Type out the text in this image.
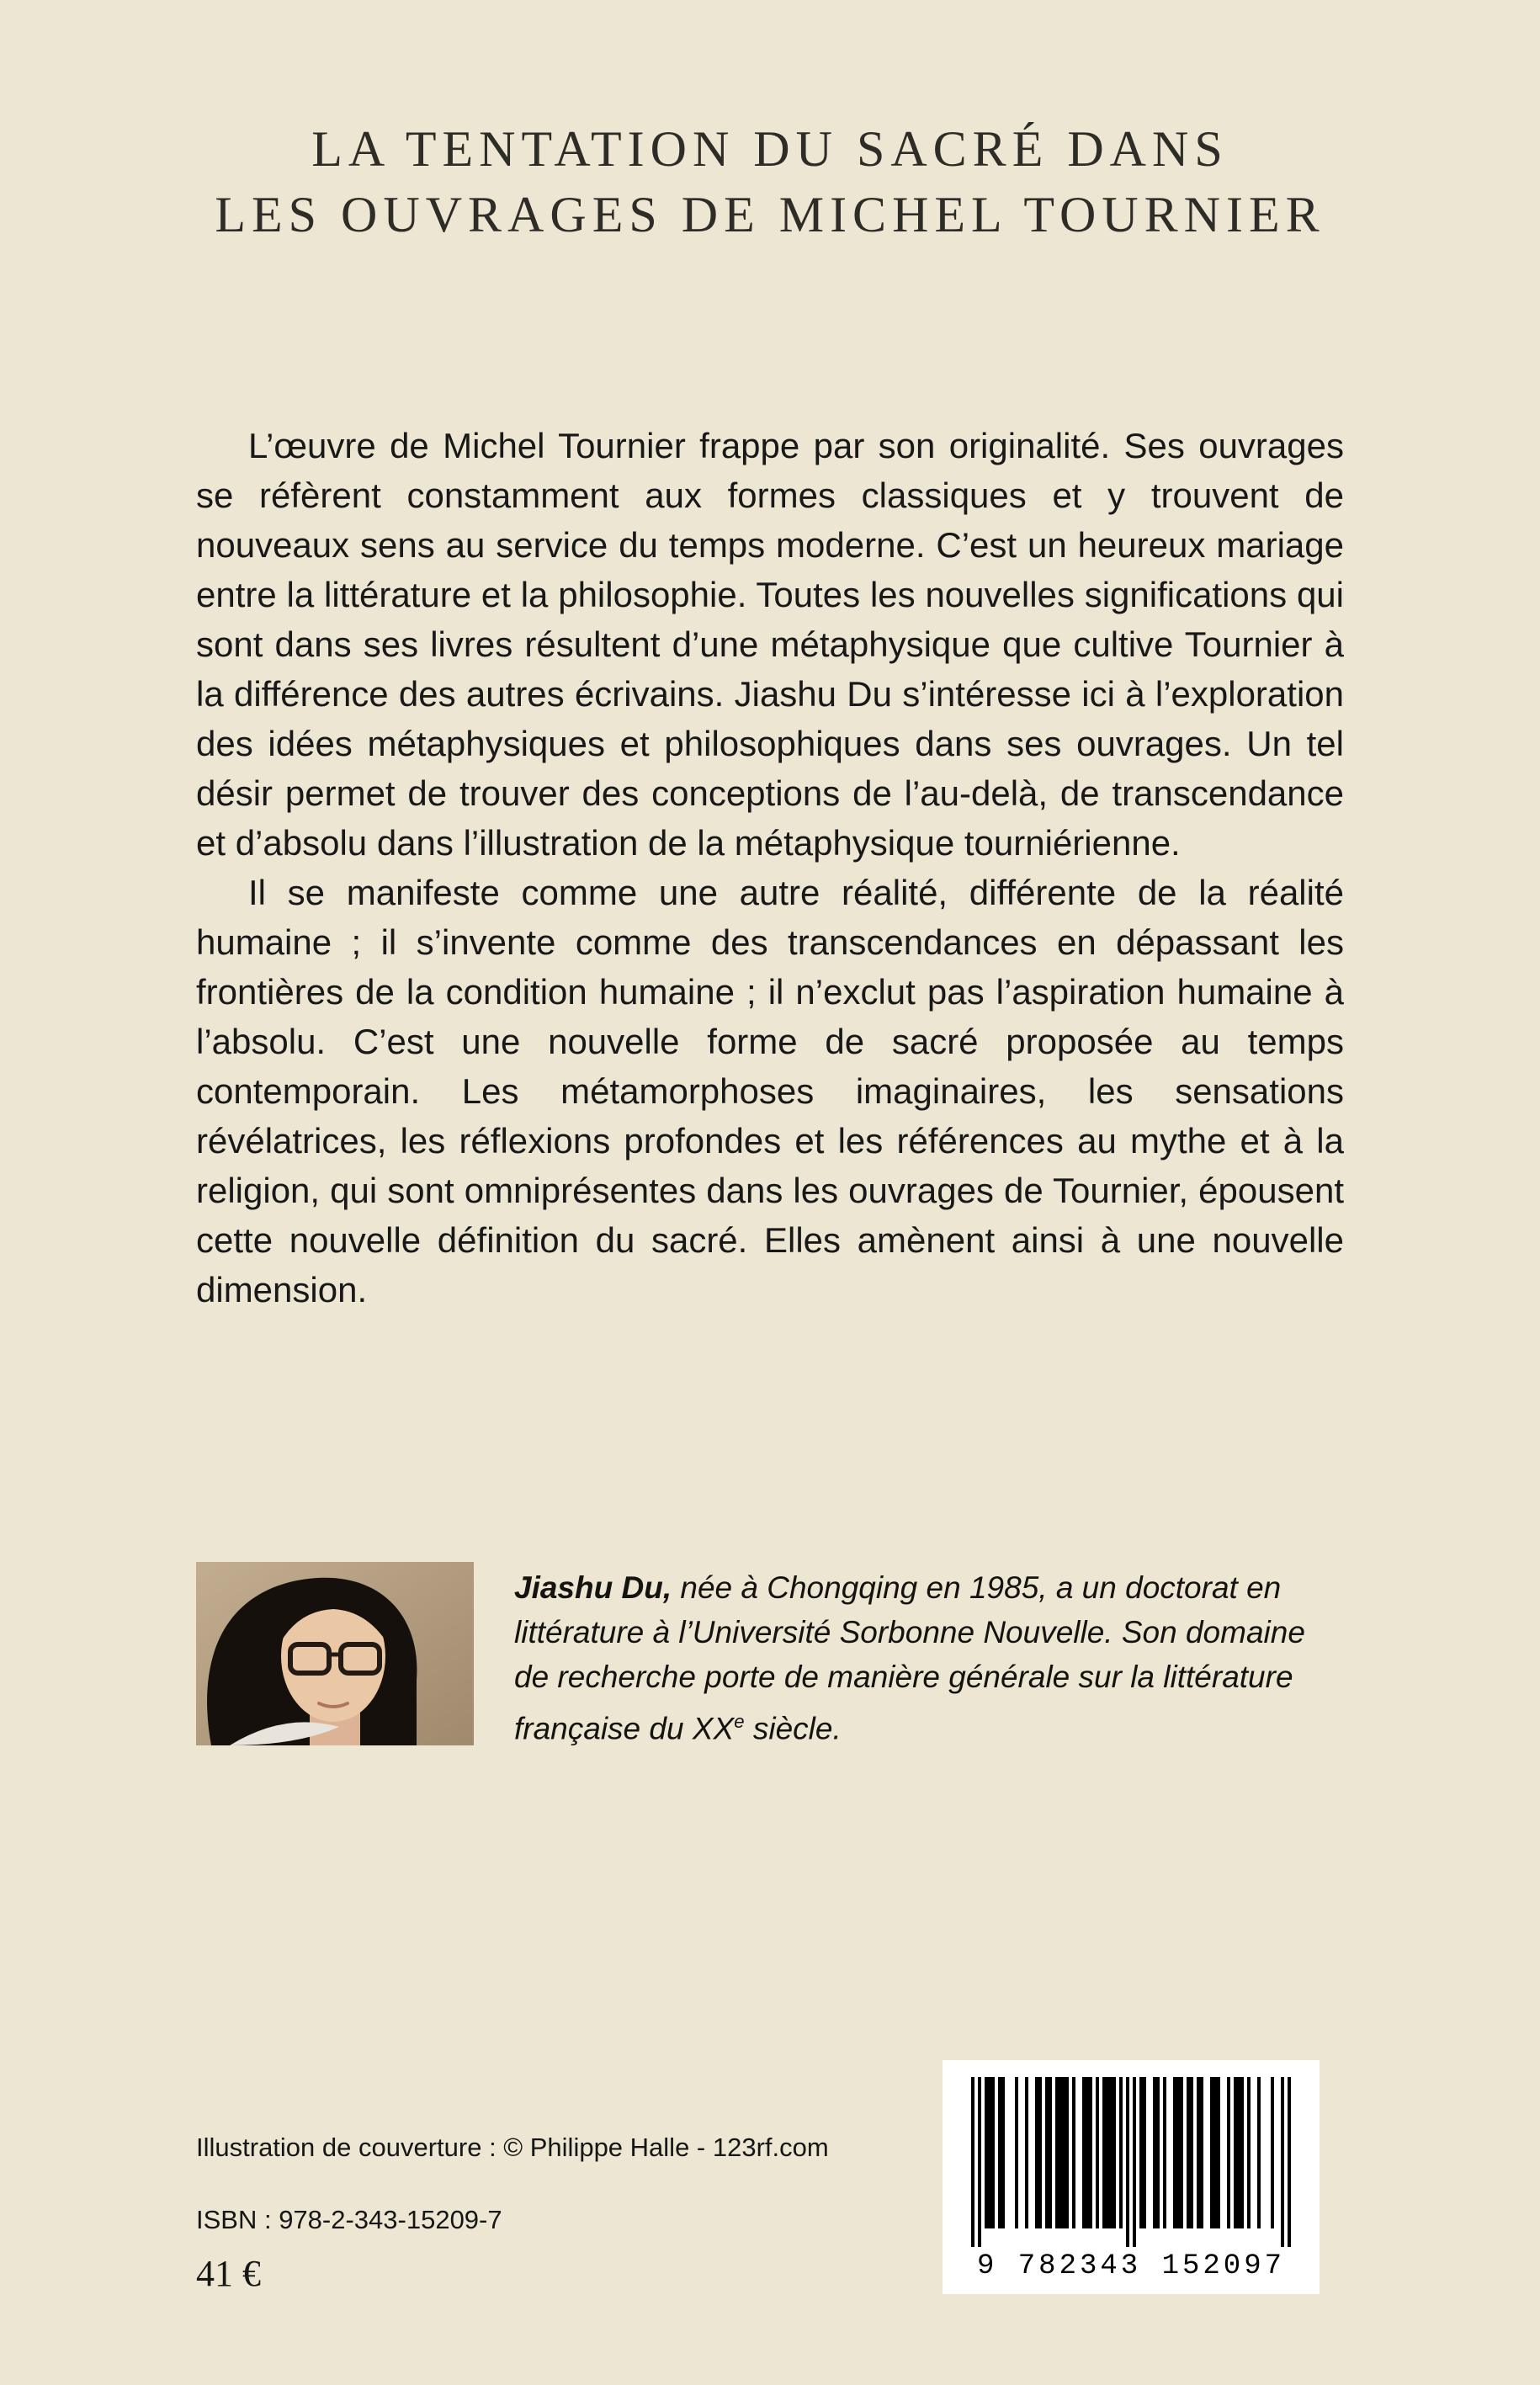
LA TENTATION DU SACRÉ DANS
LES OUVRAGES DE MICHEL TOURNIER

L’œuvre de Michel Tournier frappe par son originalité. Ses ouvrages se réfèrent constamment aux formes classiques et y trouvent de nouveaux sens au service du temps moderne. C’est un heureux mariage entre la littérature et la philosophie. Toutes les nouvelles significations qui sont dans ses livres résultent d’une métaphysique que cultive Tournier à la différence des autres écrivains. Jiashu Du s’intéresse ici à l’exploration des idées métaphysiques et philosophiques dans ses ouvrages. Un tel désir permet de trouver des conceptions de l’au-delà, de transcendance et d’absolu dans l’illustration de la métaphysique tourniérienne.

Il se manifeste comme une autre réalité, différente de la réalité humaine ; il s’invente comme des transcendances en dépassant les frontières de la condition humaine ; il n’exclut pas l’aspiration humaine à l’absolu. C’est une nouvelle forme de sacré proposée au temps contemporain. Les métamorphoses imaginaires, les sensations révélatrices, les réflexions profondes et les références au mythe et à la religion, qui sont omniprésentes dans les ouvrages de Tournier, épousent cette nouvelle définition du sacré. Elles amènent ainsi à une nouvelle dimension.

Jiashu Du, née à Chongqing en 1985, a un doctorat en littérature à l’Université Sorbonne Nouvelle. Son domaine de recherche porte de manière générale sur la littérature française du XXe siècle.
Illustration de couverture : © Philippe Halle - 123rf.com
ISBN : 978-2-343-15209-7
41 €	9 782343 152097
